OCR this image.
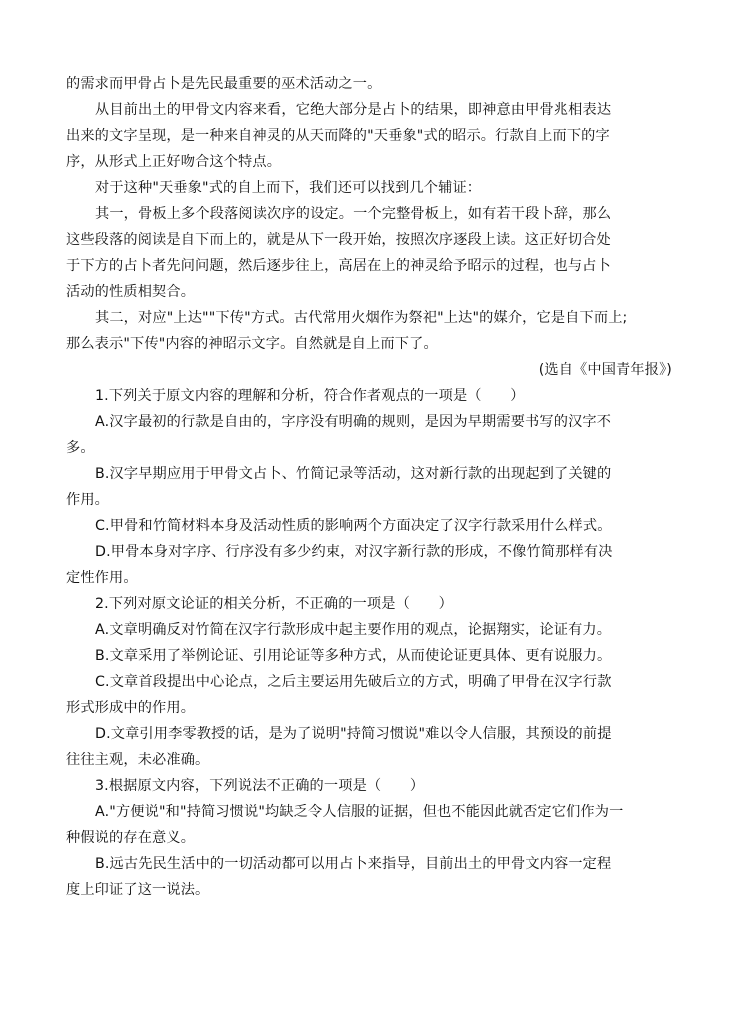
的需求而甲骨占卜是先民最重要的巫术活动之一。
从目前出土的甲骨文内容来看，它绝大部分是占卜的结果，即神意由甲骨兆相表达
出来的文字呈现，是一种来自神灵的从天而降的"天垂象"式的昭示。行款自上而下的字
序，从形式上正好吻合这个特点。
对于这种"天垂象"式的自上而下，我们还可以找到几个辅证：
其一，骨板上多个段落阅读次序的设定。一个完整骨板上，如有若干段卜辞，那么
这些段落的阅读是自下而上的，就是从下一段开始，按照次序逐段上读。这正好切合处
于下方的占卜者先问问题，然后逐步往上，高居在上的神灵给予昭示的过程，也与占卜
活动的性质相契合。
其二，对应"上达""下传"方式。古代常用火烟作为祭祀"上达"的媒介，它是自下而上;
那么表示"下传"内容的神昭示文字。自然就是自上而下了。
(选自《中国青年报》)
1.下列关于原文内容的理解和分析，符合作者观点的一项是（　　）
A.汉字最初的行款是自由的，字序没有明确的规则，是因为早期需要书写的汉字不
多。
B.汉字早期应用于甲骨文占卜、竹简记录等活动，这对新行款的出现起到了关键的
作用。
C.甲骨和竹简材料本身及活动性质的影响两个方面决定了汉字行款采用什么样式。
D.甲骨本身对字序、行序没有多少约束，对汉字新行款的形成，不像竹简那样有决
定性作用。
2.下列对原文论证的相关分析，不正确的一项是（　　）
A.文章明确反对竹简在汉字行款形成中起主要作用的观点，论据翔实，论证有力。
B.文章采用了举例论证、引用论证等多种方式，从而使论证更具体、更有说服力。
C.文章首段提出中心论点，之后主要运用先破后立的方式，明确了甲骨在汉字行款
形式形成中的作用。
D.文章引用李零教授的话，是为了说明"持简习惯说"难以令人信服，其预设的前提
往往主观，未必准确。
3.根据原文内容，下列说法不正确的一项是（　　）
A."方便说"和"持简习惯说"均缺乏令人信服的证据，但也不能因此就否定它们作为一
种假说的存在意义。
B.远古先民生活中的一切活动都可以用占卜来指导，目前出土的甲骨文内容一定程
度上印证了这一说法。
